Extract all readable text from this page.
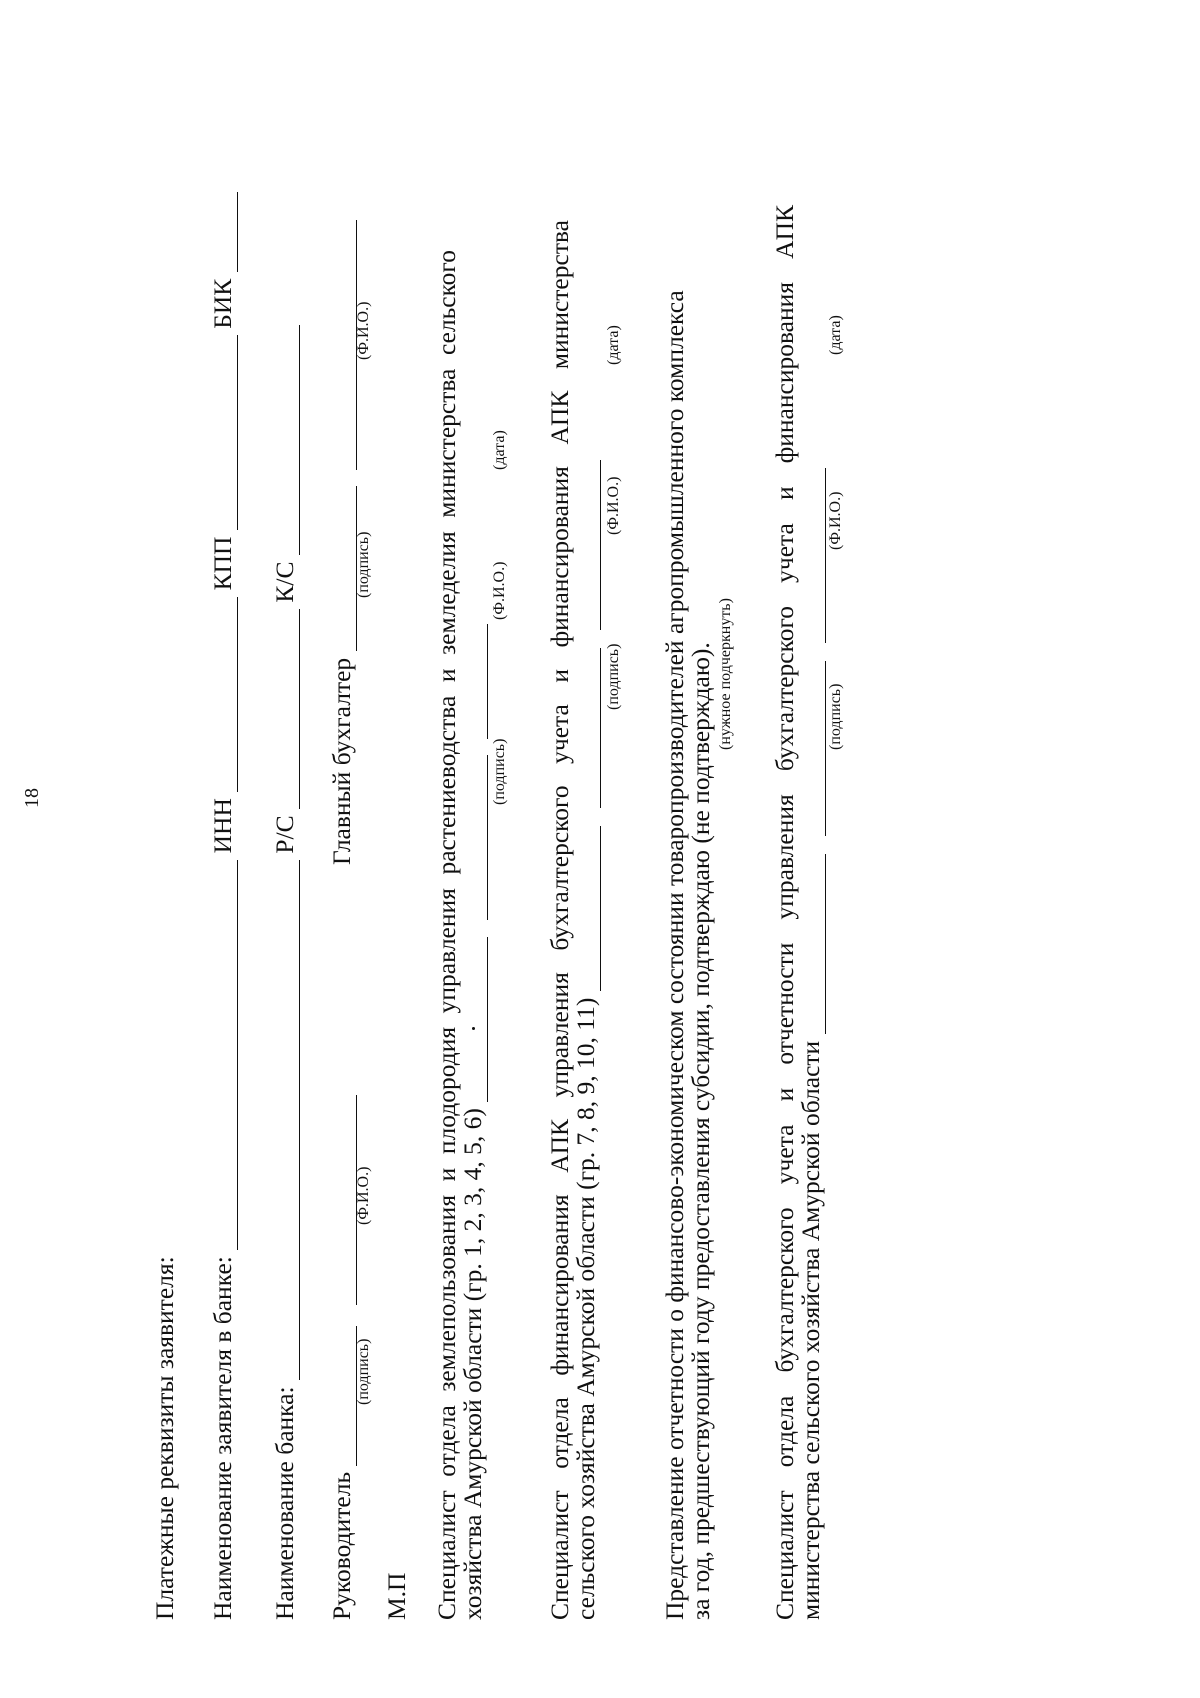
18
Платежные реквизиты заявителя: Наименование заявителя в банке:  ИНН  КПП  БИК
Наименование банка:  Р/С  К/С
Руководитель
Главный бухгалтер
(подпись)
(Ф.И.О.)
(подпись)
(Ф.И.О.)
М.П Специалист отдела землепользования и плодородия управления растениеводства и земледелия министерства сельского
хозяйства Амурской области (гр. 1, 2, 3, 4, 5, 6)
(подпись)
(Ф.И.О.)
(дата) Специалист отдела финансирования АПК управления бухгалтерского учета и финансирования АПК министерства
сельского хозяйства Амурской области (гр. 7, 8, 9, 10, 11)
(подпись)
(Ф.И.О.)
(дата) Представление отчетности о финансово-экономическом состоянии товаропроизводителей агропромышленного комплекса
за год, предшествующий году предоставления субсидии, подтверждаю (не подтверждаю). (нужное подчеркнуть) Специалист отдела бухгалтерского учета и отчетности управления бухгалтерского учета и финансирования АПК
министерства сельского хозяйства Амурской области
(подпись)
(Ф.И.О.)
(дата)
